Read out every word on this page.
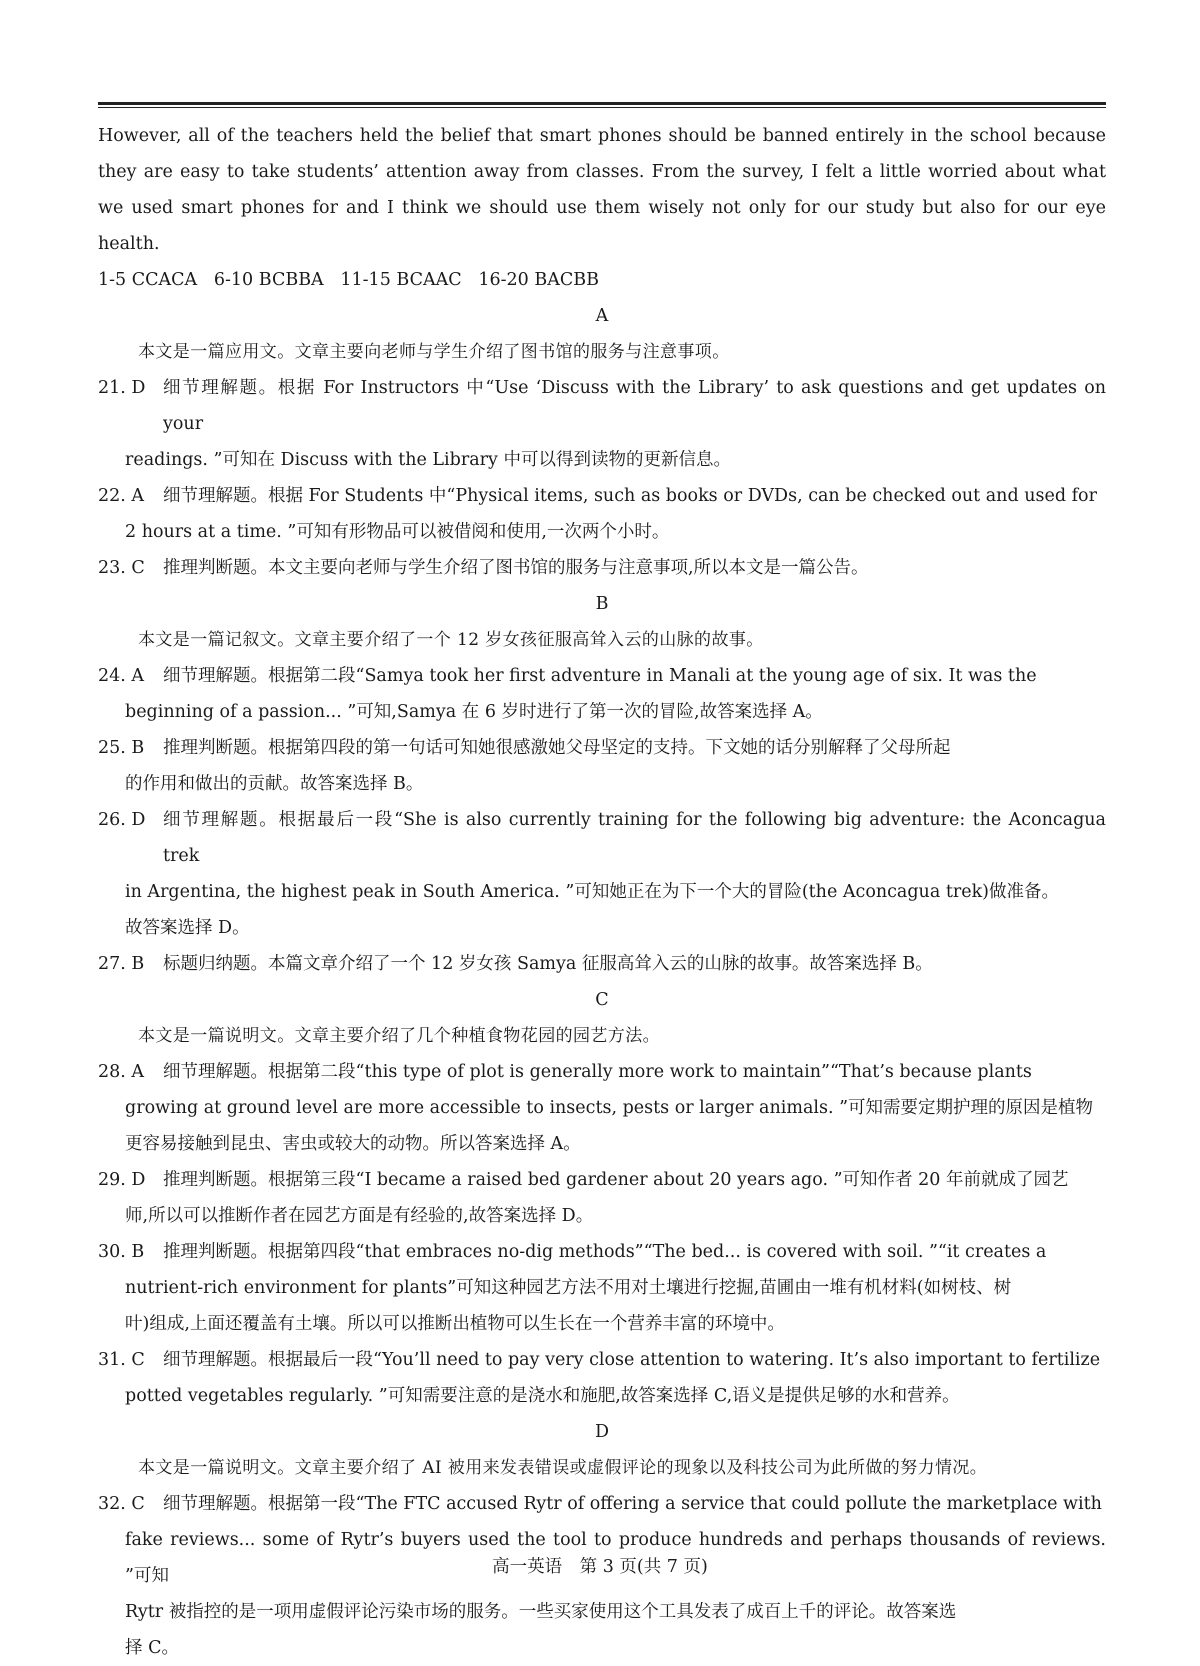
However, all of the teachers held the belief that smart phones should be banned entirely in the school because they are easy to take students’ attention away from classes. From the survey, I felt a little worried about what we used smart phones for and I think we should use them wisely not only for our study but also for our eye health.

1-5 CCACA   6-10 BCBBA   11-15 BCAAC   16-20 BACBB

A

本文是一篇应用文。文章主要向老师与学生介绍了图书馆的服务与注意事项。

21. D	细节理解题。根据 For Instructors 中“Use ‘Discuss with the Library’ to ask questions and get updates on your

readings. ”可知在 Discuss with the Library 中可以得到读物的更新信息。

22. A	细节理解题。根据 For Students 中“Physical items, such as books or DVDs, can be checked out and used for

2 hours at a time. ”可知有形物品可以被借阅和使用,一次两个小时。

23. C	推理判断题。本文主要向老师与学生介绍了图书馆的服务与注意事项,所以本文是一篇公告。

B

本文是一篇记叙文。文章主要介绍了一个 12 岁女孩征服高耸入云的山脉的故事。

24. A	细节理解题。根据第二段“Samya took her first adventure in Manali at the young age of six. It was the

beginning of a passion... ”可知,Samya 在 6 岁时进行了第一次的冒险,故答案选择 A。

25. B	推理判断题。根据第四段的第一句话可知她很感激她父母坚定的支持。下文她的话分别解释了父母所起

的作用和做出的贡献。故答案选择 B。

26. D	细节理解题。根据最后一段“She is also currently training for the following big adventure: the Aconcagua trek

in Argentina, the highest peak in South America. ”可知她正在为下一个大的冒险(the Aconcagua trek)做准备。

故答案选择 D。

27. B	标题归纳题。本篇文章介绍了一个 12 岁女孩 Samya 征服高耸入云的山脉的故事。故答案选择 B。

C

本文是一篇说明文。文章主要介绍了几个种植食物花园的园艺方法。

28. A	细节理解题。根据第二段“this type of plot is generally more work to maintain”“That’s because plants

growing at ground level are more accessible to insects, pests or larger animals. ”可知需要定期护理的原因是植物

更容易接触到昆虫、害虫或较大的动物。所以答案选择 A。

29. D	推理判断题。根据第三段“I became a raised bed gardener about 20 years ago. ”可知作者 20 年前就成了园艺

师,所以可以推断作者在园艺方面是有经验的,故答案选择 D。

30. B	推理判断题。根据第四段“that embraces no-dig methods”“The bed... is covered with soil. ”“it creates a

nutrient-rich environment for plants”可知这种园艺方法不用对土壤进行挖掘,苗圃由一堆有机材料(如树枝、树

叶)组成,上面还覆盖有土壤。所以可以推断出植物可以生长在一个营养丰富的环境中。

31. C	细节理解题。根据最后一段“You’ll need to pay very close attention to watering. It’s also important to fertilize

potted vegetables regularly. ”可知需要注意的是浇水和施肥,故答案选择 C,语义是提供足够的水和营养。

D

本文是一篇说明文。文章主要介绍了 AI 被用来发表错误或虚假评论的现象以及科技公司为此所做的努力情况。

32. C	细节理解题。根据第一段“The FTC accused Rytr of offering a service that could pollute the marketplace with

fake reviews... some of Rytr’s buyers used the tool to produce hundreds and perhaps thousands of reviews. ”可知

Rytr 被指控的是一项用虚假评论污染市场的服务。一些买家使用这个工具发表了成百上千的评论。故答案选

择 C。

高一英语　第 3 页(共 7 页)
